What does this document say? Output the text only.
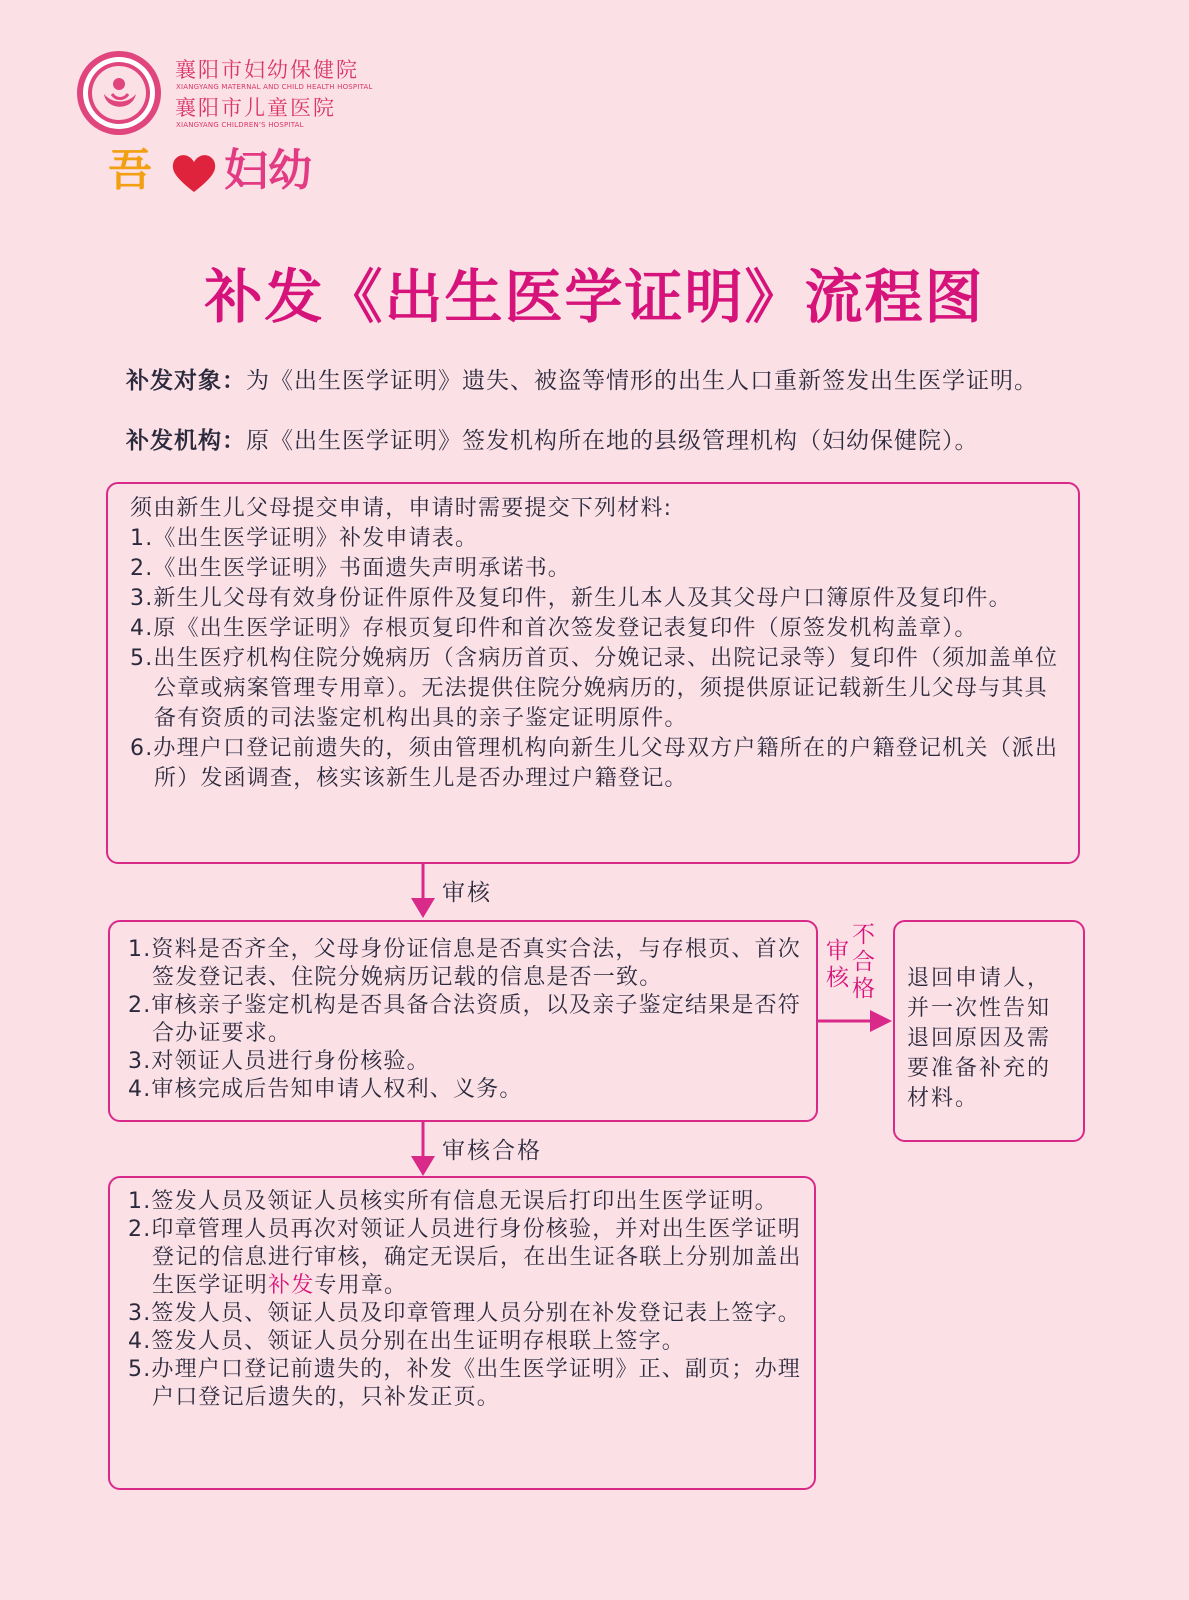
襄阳市妇幼保健院
XIANGYANG MATERNAL AND CHILD HEALTH HOSPITAL
襄阳市儿童医院
XIANGYANG CHILDREN'S HOSPITAL
吾 妇幼
补发《出生医学证明》流程图
补发对象：为《出生医学证明》遗失、被盗等情形的出生人口重新签发出生医学证明。
补发机构：原《出生医学证明》签发机构所在地的县级管理机构（妇幼保健院）。

须由新生儿父母提交申请，申请时需要提交下列材料:

1.《出生医学证明》补发申请表。

2.《出生医学证明》书面遗失声明承诺书。

3.新生儿父母有效身份证件原件及复印件，新生儿本人及其父母户口簿原件及复印件。

4.原《出生医学证明》存根页复印件和首次签发登记表复印件（原签发机构盖章）。

5.出生医疗机构住院分娩病历（含病历首页、分娩记录、出院记录等）复印件（须加盖单位公章或病案管理专用章）。无法提供住院分娩病历的，须提供原证记载新生儿父母与其具备有资质的司法鉴定机构出具的亲子鉴定证明原件。

6.办理户口登记前遗失的，须由管理机构向新生儿父母双方户籍所在的户籍登记机关（派出所）发函调查，核实该新生儿是否办理过户籍登记。

审核

1.资料是否齐全，父母身份证信息是否真实合法，与存根页、首次签发登记表、住院分娩病历记载的信息是否一致。

2.审核亲子鉴定机构是否具备合法资质，以及亲子鉴定结果是否符合办证要求。

3.对领证人员进行身份核验。

4.审核完成后告知申请人权利、义务。

审核
不合格 退回申请人，并一次性告知退回原因及需要准备补充的材料。
审核合格

1.签发人员及领证人员核实所有信息无误后打印出生医学证明。

2.印章管理人员再次对领证人员进行身份核验，并对出生医学证明登记的信息进行审核，确定无误后，在出生证各联上分别加盖出生医学证明补发专用章。

3.签发人员、领证人员及印章管理人员分别在补发登记表上签字。

4.签发人员、领证人员分别在出生证明存根联上签字。

5.办理户口登记前遗失的，补发《出生医学证明》正、副页；办理户口登记后遗失的，只补发正页。
